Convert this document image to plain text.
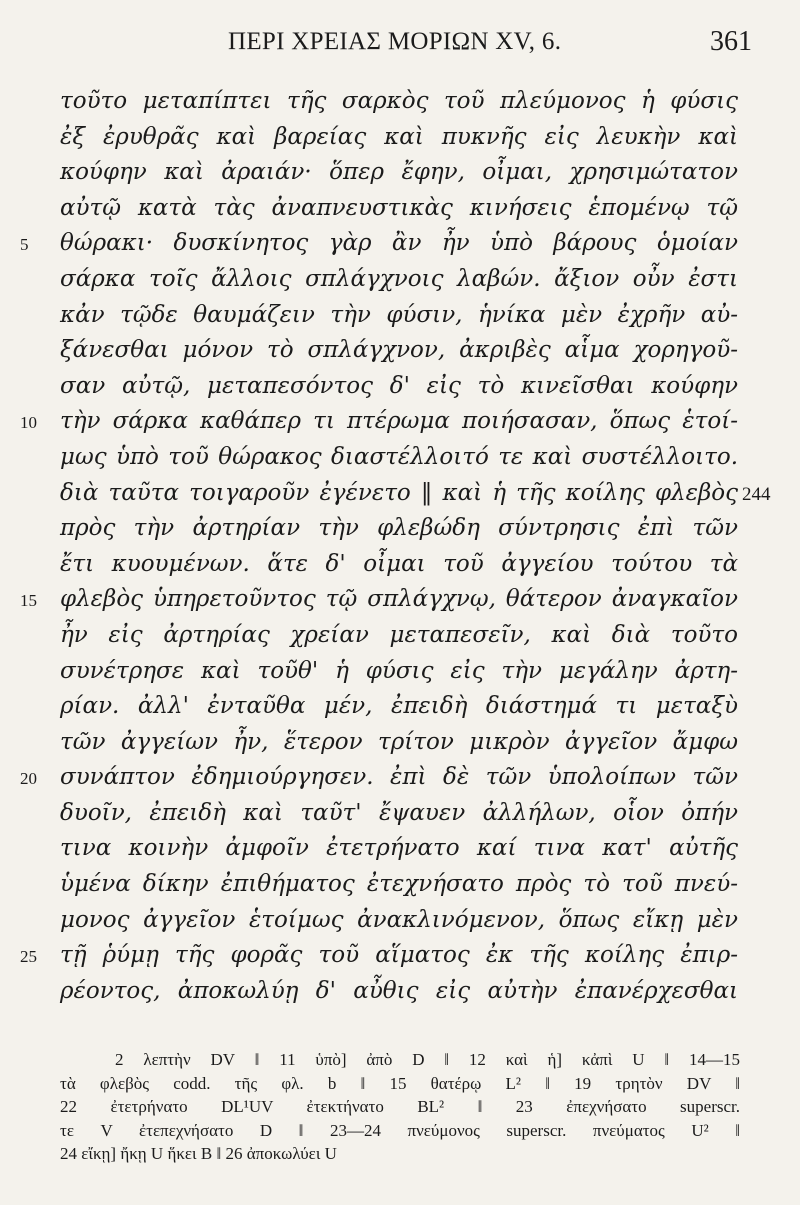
ΠΕΡΙ ΧΡΕΙΑΣ ΜΟΡΙΩΝ XV, 6.	361
τοῦτο μεταπίπτει τῆς σαρκὸς τοῦ πλεύμονος ἡ φύσις
ἐξ ἐρυθρᾶς καὶ βαρείας καὶ πυκνῆς εἰς λευκὴν καὶ
κούφην καὶ ἀραιάν· ὅπερ ἔφην, οἶμαι, χρησιμώτατον
αὐτῷ κατὰ τὰς ἀναπνευστικὰς κινήσεις ἑπομένῳ τῷ
5 θώρακι· δυσκίνητος γὰρ ἂν ἦν ὑπὸ βάρους ὁμοίαν
σάρκα τοῖς ἄλλοις σπλάγχνοις λαβών. ἄξιον οὖν ἐστι
κἀν τῷδε θαυμάζειν τὴν φύσιν, ἡνίκα μὲν ἐχρῆν αὐ-
ξάνεσθαι μόνον τὸ σπλάγχνον, ἀκριβὲς αἷμα χορηγοῦ-
σαν αὐτῷ, μεταπεσόντος δ' εἰς τὸ κινεῖσθαι κούφην
10 τὴν σάρκα καθάπερ τι πτέρωμα ποιήσασαν, ὅπως ἑτοί-
μως ὑπὸ τοῦ θώρακος διαστέλλοιτό τε καὶ συστέλλοιτο.
διὰ ταῦτα τοιγαροῦν ἐγένετο ‖ καὶ ἡ τῆς κοίλης φλεβὸς 244
πρὸς τὴν ἀρτηρίαν τὴν φλεβώδη σύντρησις ἐπὶ τῶν
ἔτι κυουμένων. ἅτε δ' οἶμαι τοῦ ἀγγείου τούτου τὰ
15 φλεβὸς ὑπηρετοῦντος τῷ σπλάγχνῳ, θάτερον ἀναγκαῖον
ἦν εἰς ἀρτηρίας χρείαν μεταπεσεῖν, καὶ διὰ τοῦτο
συνέτρησε καὶ τοῦθ' ἡ φύσις εἰς τὴν μεγάλην ἀρτη-
ρίαν. ἀλλ' ἐνταῦθα μέν, ἐπειδὴ διάστημά τι μεταξὺ
τῶν ἀγγείων ἦν, ἕτερον τρίτον μικρὸν ἀγγεῖον ἄμφω
20 συνάπτον ἐδημιούργησεν. ἐπὶ δὲ τῶν ὑπολοίπων τῶν
δυοῖν, ἐπειδὴ καὶ ταῦτ' ἔψαυεν ἀλλήλων, οἷον ὀπήν
τινα κοινὴν ἀμφοῖν ἐτετρήνατο καί τινα κατ' αὐτῆς
ὑμένα δίκην ἐπιθήματος ἐτεχνήσατο πρὸς τὸ τοῦ πνεύ-
μονος ἀγγεῖον ἑτοίμως ἀνακλινόμενον, ὅπως εἴκῃ μὲν
25 τῇ ῥύμῃ τῆς φορᾶς τοῦ αἵματος ἐκ τῆς κοίλης ἐπιρ-
ρέοντος, ἀποκωλύῃ δ' αὖθις εἰς αὐτὴν ἐπανέρχεσθαι
2 λεπτὴν DV ‖ 11 ὑπὸ] ἀπὸ D ‖ 12 καὶ ἡ] κἀπὶ U ‖ 14—15
τὰ φλεβὸς codd. τῆς φλ. b ‖ 15 θατέρῳ L² ‖ 19 τρητὸν DV ‖
22 ἐτετρήνατο DL¹UV ἐτεκτήνατο BL² ‖ 23 ἐπεχνήσατο superscr.
τε V ἐτεπεχνήσατο D ‖ 23—24 πνεύμονος superscr. πνεύματος U² ‖
24 εἴκῃ] ἤκῃ U ἥκει B ‖ 26 ἀποκωλύει U
